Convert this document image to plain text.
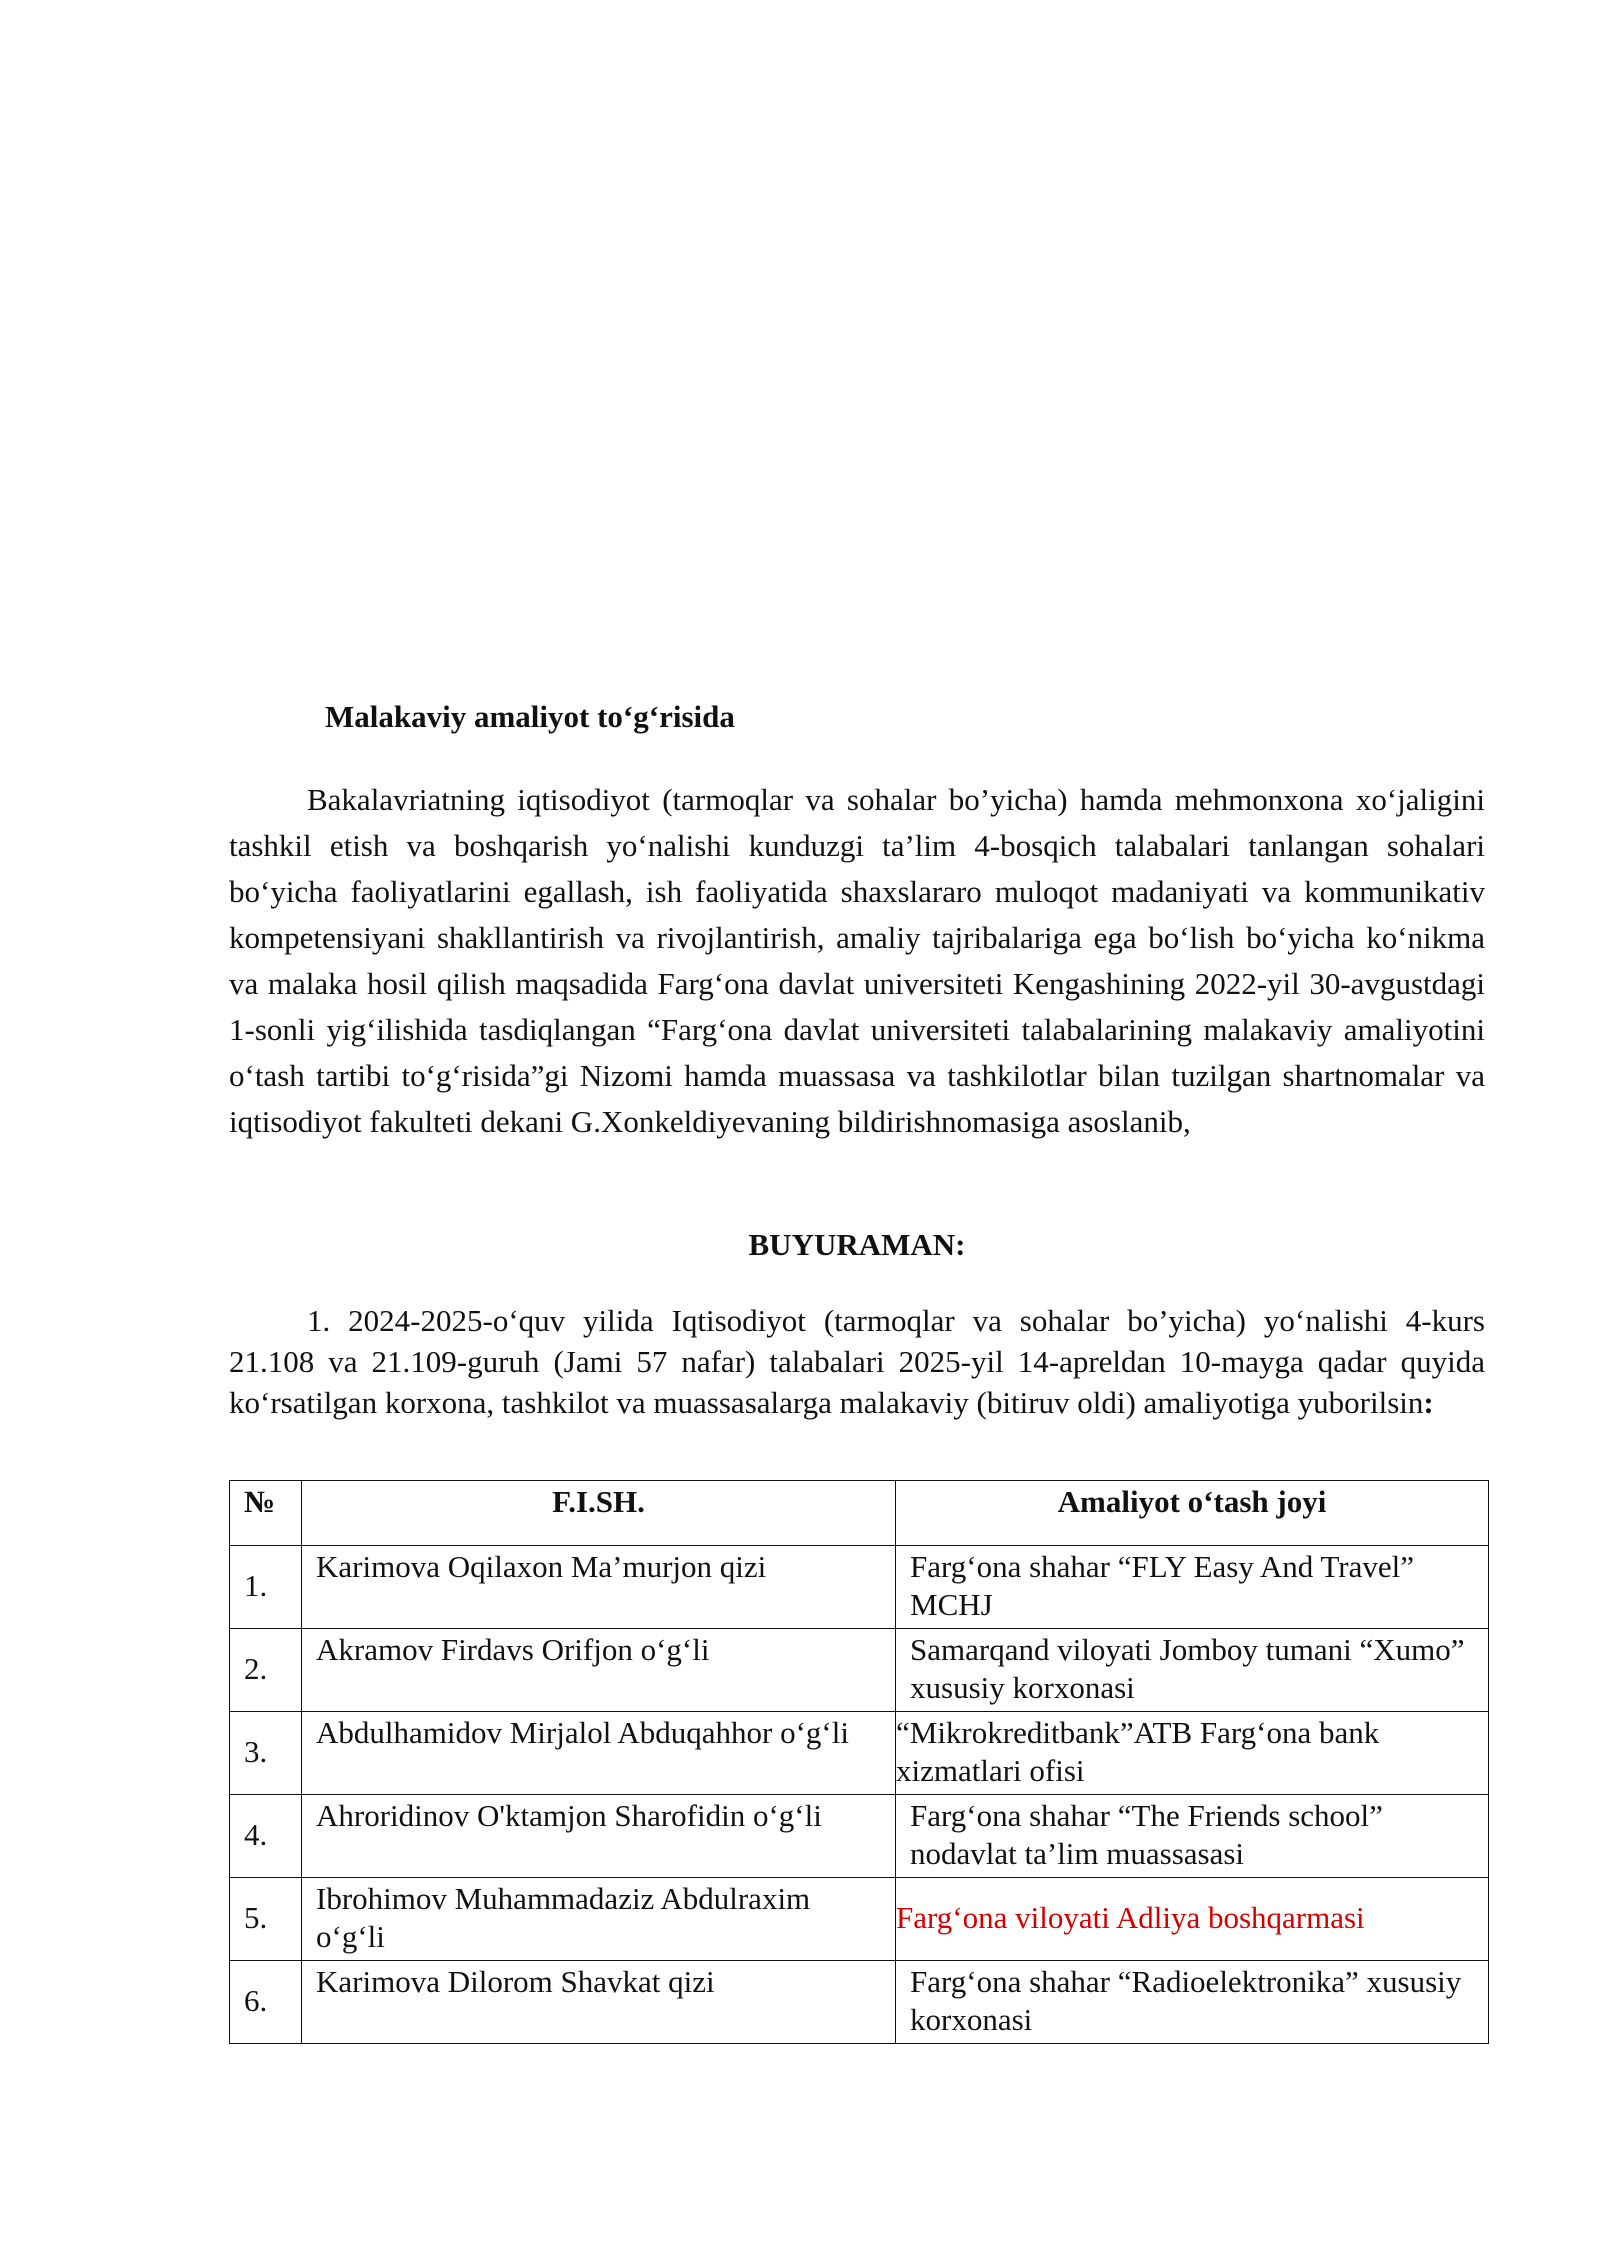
Malakaviy amaliyot to‘g‘risida

Bakalavriatning iqtisodiyot (tarmoqlar va sohalar bo’yicha) hamda mehmonxona xo‘jaligini tashkil etish va boshqarish yo‘nalishi kunduzgi ta’lim 4-bosqich talabalari tanlangan sohalari bo‘yicha faoliyatlarini egallash, ish faoliyatida shaxslararo muloqot madaniyati va kommunikativ kompetensiyani shakllantirish va rivojlantirish, amaliy tajribalariga ega bo‘lish bo‘yicha ko‘nikma va malaka hosil qilish maqsadida Farg‘ona davlat universiteti Kengashining 2022-yil 30-avgustdagi 1-sonli yig‘ilishida tasdiqlangan “Farg‘ona davlat universiteti talabalarining malakaviy amaliyotini o‘tash tartibi to‘g‘risida”gi Nizomi hamda muassasa va tashkilotlar bilan tuzilgan shartnomalar va iqtisodiyot fakulteti dekani G.Xonkeldiyevaning bildirishnomasiga asoslanib,

BUYURAMAN:

1. 2024-2025-o‘quv yilida Iqtisodiyot (tarmoqlar va sohalar bo’yicha) yo‘nalishi 4-kurs 21.108 va 21.109-guruh (Jami 57 nafar) talabalari 2025-yil 14-apreldan 10-mayga qadar quyida ko‘rsatilgan korxona, tashkilot va muassasalarga malakaviy (bitiruv oldi) amaliyotiga yuborilsin:

№	F.I.SH.	Amaliyot o‘tash joyi
1.	Karimova Oqilaxon Ma’murjon qizi	Farg‘ona shahar “FLY Easy And Travel” MCHJ
2.	Akramov Firdavs Orifjon o‘g‘li	Samarqand viloyati Jomboy tumani “Xumo” xususiy korxonasi
3.	Abdulhamidov Mirjalol Abduqahhor o‘g‘li	“Mikrokreditbank”ATB Farg‘ona bank xizmatlari ofisi
4.	Ahroridinov O'ktamjon Sharofidin o‘g‘li	Farg‘ona shahar “The Friends school” nodavlat ta’lim muassasasi
5.	Ibrohimov Muhammadaziz Abdulraxim o‘g‘li	Farg‘ona viloyati Adliya boshqarmasi
6.	Karimova Dilorom Shavkat qizi	Farg‘ona shahar “Radioelektronika” xususiy korxonasi
